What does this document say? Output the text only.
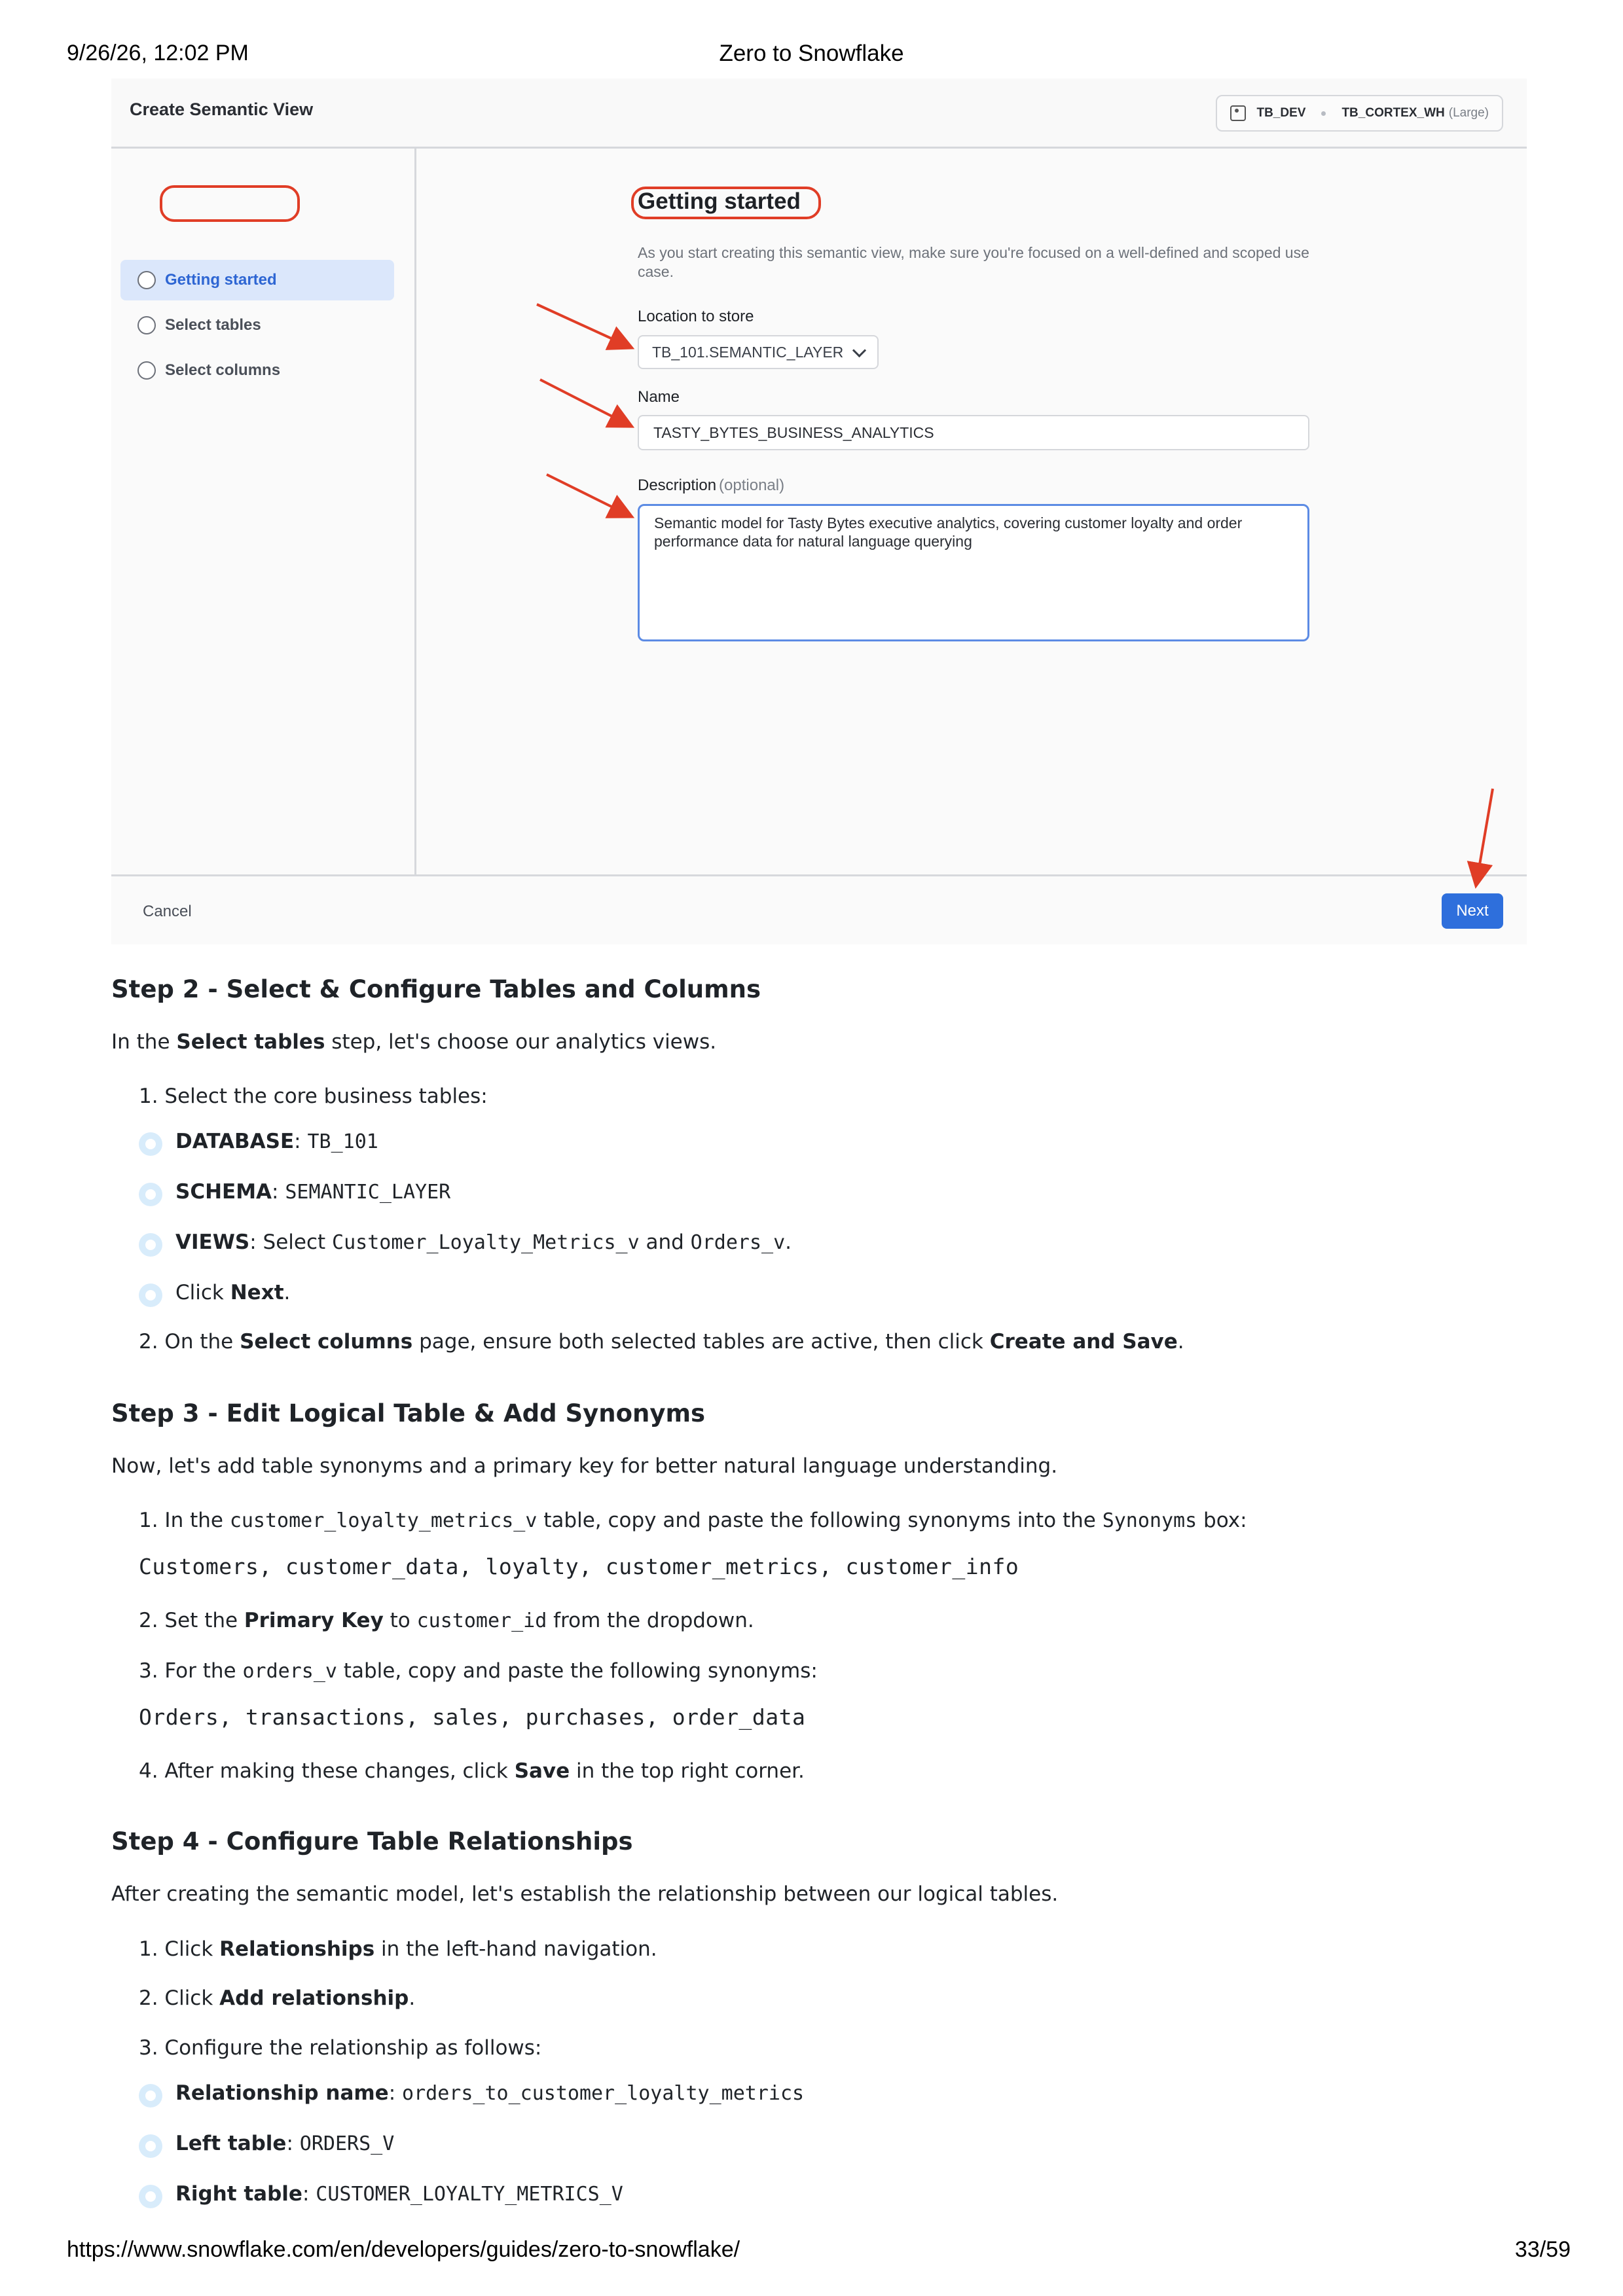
9/26/26, 12:02 PM	Zero to Snowflake
Create Semantic View	TB_DEV	TB_CORTEX_WH (Large)
Getting started
Select tables
Select columns
Getting started
As you start creating this semantic view, make sure you're focused on a well-defined and scoped use case.
Location to store
TB_101.SEMANTIC_LAYER
Name
TASTY_BYTES_BUSINESS_ANALYTICS
Description (optional)
Semantic model for Tasty Bytes executive analytics, covering customer loyalty and order performance data for natural language querying
Cancel	Next
Step 2 - Select & Configure Tables and Columns
In the Select tables step, let's choose our analytics views.
1. Select the core business tables:
DATABASE: TB_101
SCHEMA: SEMANTIC_LAYER
VIEWS: Select Customer_Loyalty_Metrics_v and Orders_v.
Click Next.
2. On the Select columns page, ensure both selected tables are active, then click Create and Save.
Step 3 - Edit Logical Table & Add Synonyms
Now, let's add table synonyms and a primary key for better natural language understanding.
1. In the customer_loyalty_metrics_v table, copy and paste the following synonyms into the Synonyms box:
Customers, customer_data, loyalty, customer_metrics, customer_info
2. Set the Primary Key to customer_id from the dropdown.
3. For the orders_v table, copy and paste the following synonyms:
Orders, transactions, sales, purchases, order_data
4. After making these changes, click Save in the top right corner.
Step 4 - Configure Table Relationships
After creating the semantic model, let's establish the relationship between our logical tables.
1. Click Relationships in the left-hand navigation.
2. Click Add relationship.
3. Configure the relationship as follows:
Relationship name: orders_to_customer_loyalty_metrics
Left table: ORDERS_V
Right table: CUSTOMER_LOYALTY_METRICS_V
https://www.snowflake.com/en/developers/guides/zero-to-snowflake/	33/59
